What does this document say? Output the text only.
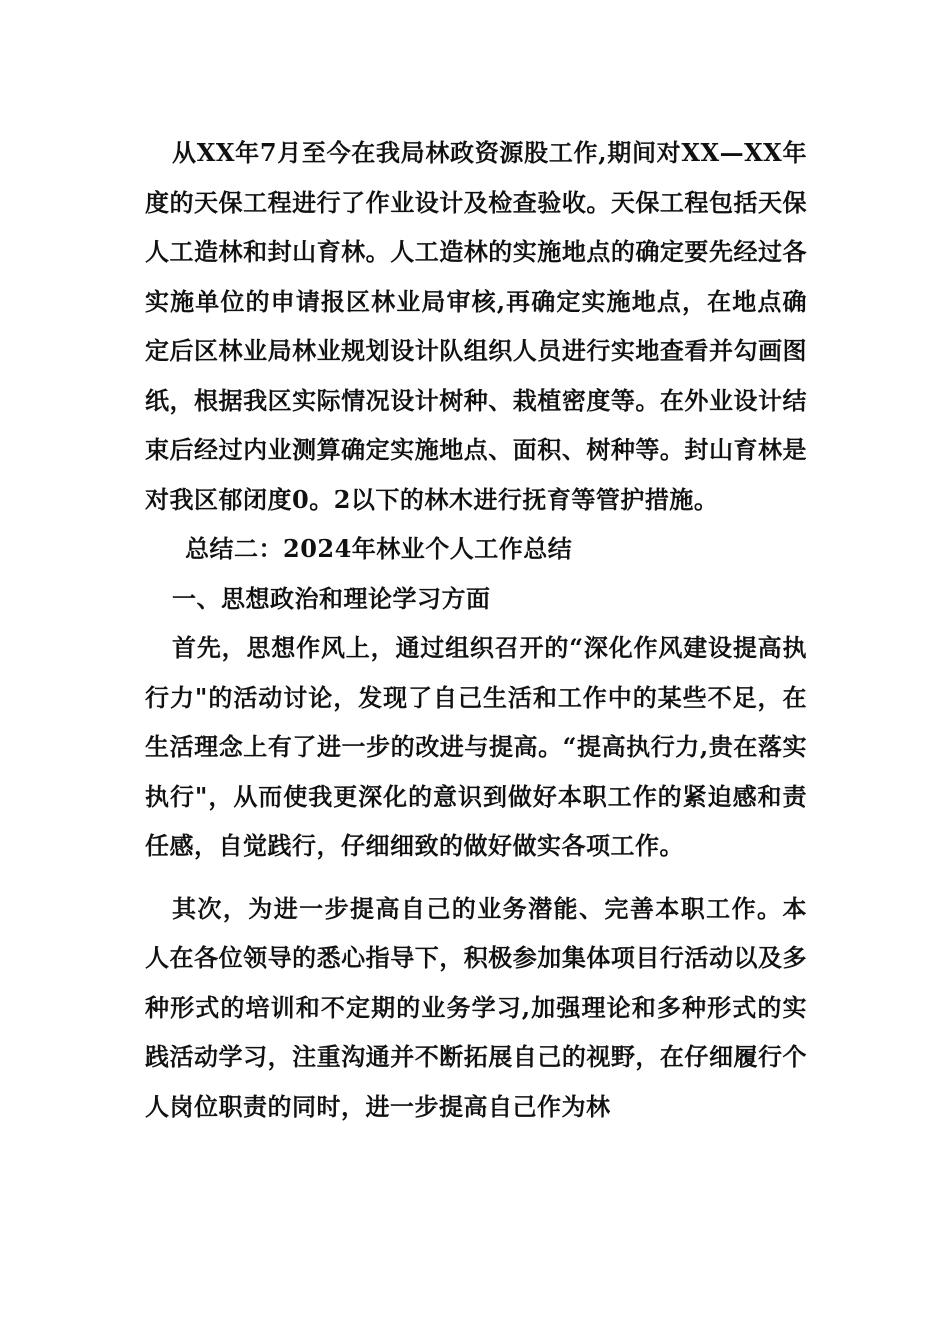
从XX年7月至今在我局林政资源股工作,期间对XX—XX年度的天保工程进行了作业设计及检查验收。天保工程包括天保人工造林和封山育林。人工造林的实施地点的确定要先经过各实施单位的申请报区林业局审核,再确定实施地点，在地点确定后区林业局林业规划设计队组织人员进行实地查看并勾画图纸，根据我区实际情况设计树种、栽植密度等。在外业设计结束后经过内业测算确定实施地点、面积、树种等。封山育林是对我区郁闭度0。2以下的林木进行抚育等管护措施。

总结二：2024年林业个人工作总结

一、思想政治和理论学习方面

首先，思想作风上，通过组织召开的“深化作风建设提高执行力"的活动讨论，发现了自己生活和工作中的某些不足，在生活理念上有了进一步的改进与提高。“提高执行力,贵在落实执行"，从而使我更深化的意识到做好本职工作的紧迫感和责任感，自觉践行，仔细细致的做好做实各项工作。

其次，为进一步提高自己的业务潜能、完善本职工作。本人在各位领导的悉心指导下，积极参加集体项目行活动以及多种形式的培训和不定期的业务学习,加强理论和多种形式的实践活动学习，注重沟通并不断拓展自己的视野，在仔细履行个人岗位职责的同时，进一步提高自己作为林
